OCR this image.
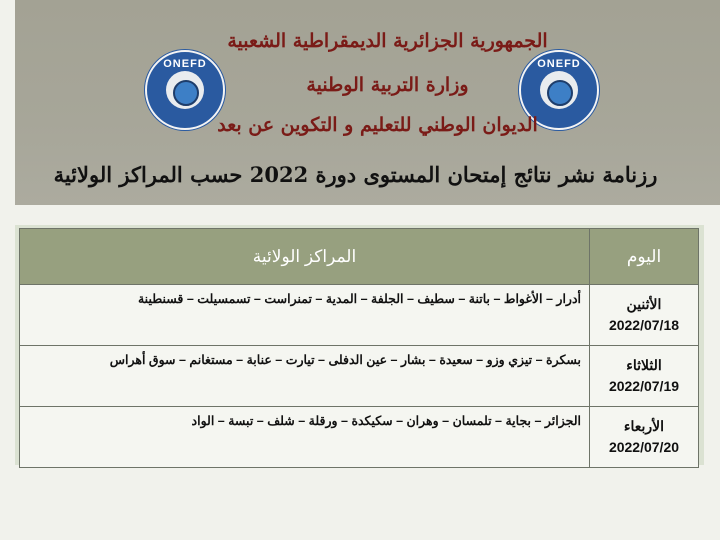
ONEFD	ONEFD
الجمهورية الجزائرية الديمقراطية الشعبية
وزارة التربية الوطنية
الديوان الوطني للتعليم و التكوين عن بعد
رزنامة نشر نتائج إمتحان المستوى دورة 2022 حسب المراكز الولائية
اليوم	المراكز الولائية

الأثنين
2022/07/18	أدرار – الأغواط – باتنة – سطيف – الجلفة – المدية – تمنراست – تسمسيلت – قسنطينة

الثلاثاء
2022/07/19	بسكرة – تيزي وزو – سعيدة – بشار – عين الدفلى – تيارت – عنابة – مستغانم – سوق أهراس

الأربعاء
2022/07/20	الجزائر – بجاية – تلمسان – وهران – سكيكدة – ورقلة – شلف – تبسة – الواد
